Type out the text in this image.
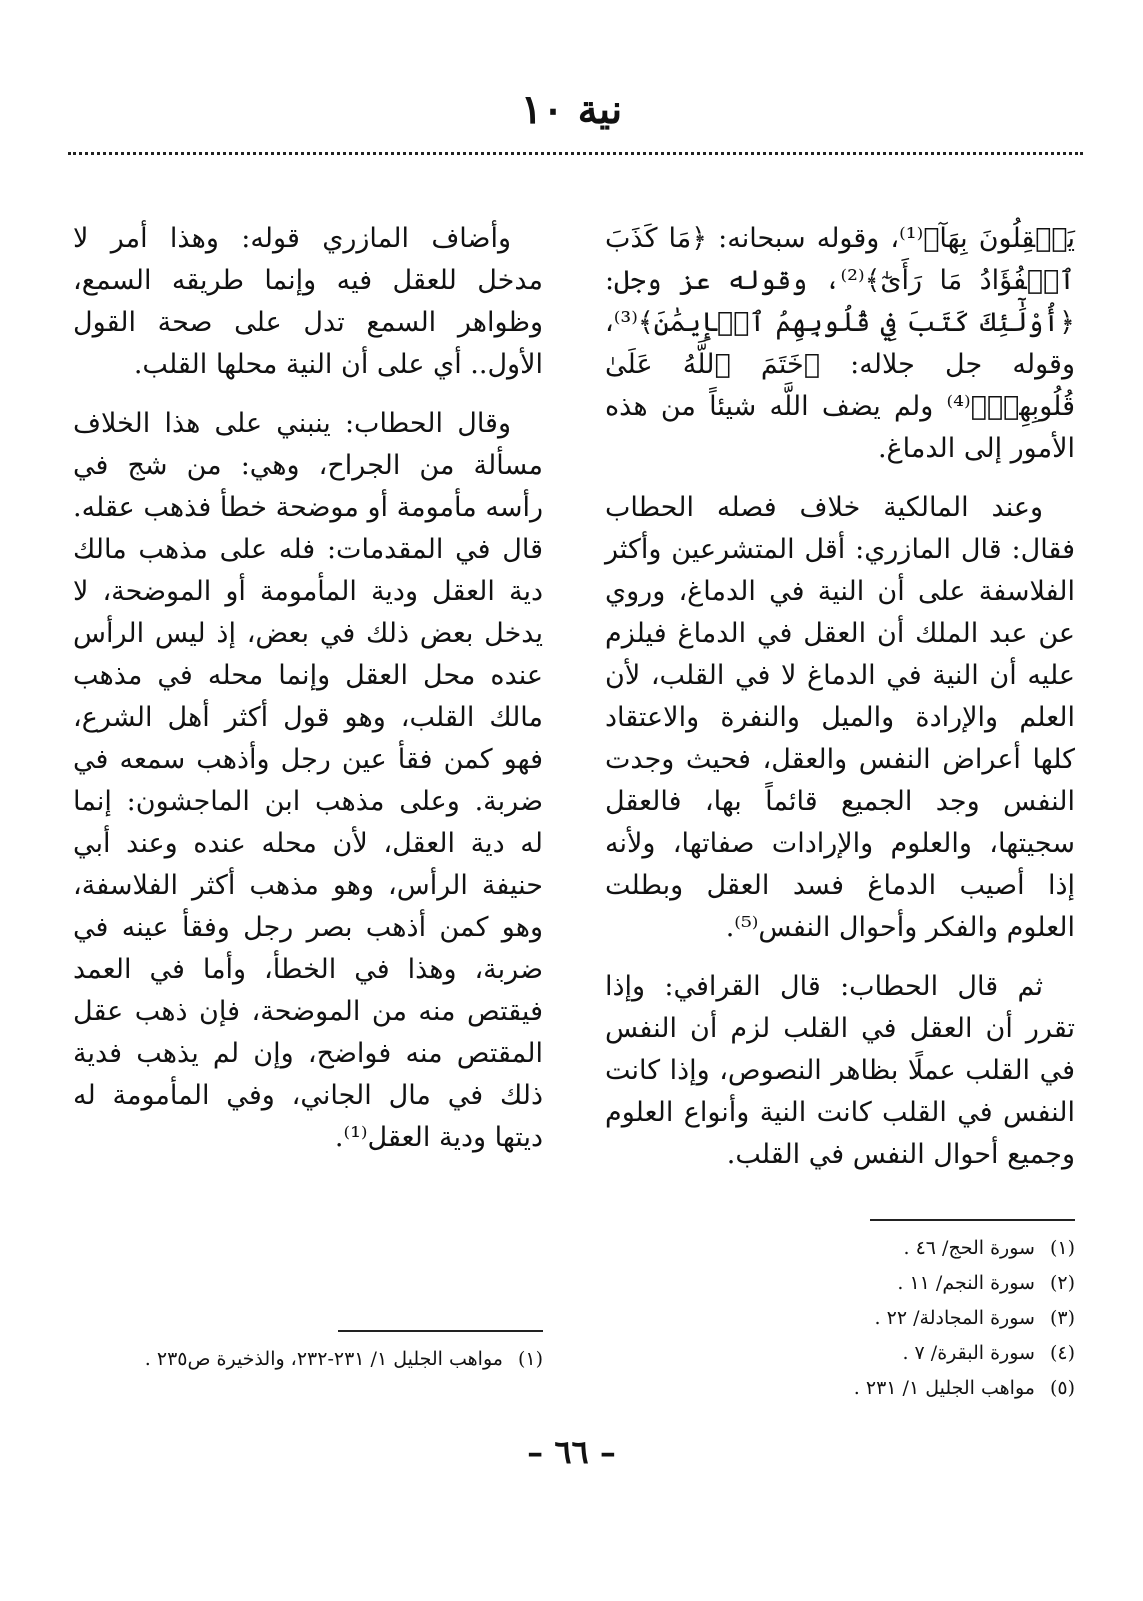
نية ١٠

يَعۡقِلُونَ بِهَآ﴾⁽¹⁾، وقوله سبحانه: ﴿مَا كَذَبَ ٱلۡفُؤَادُ مَا رَأَىٰٓ﴾⁽²⁾، وقوله عز وجل: ﴿أُوْلَٰٓئِكَ كَتَبَ فِي قُلُوبِهِمُ ٱلۡإِيمَٰنَ﴾⁽³⁾، وقوله جل جلاله: ﴿خَتَمَ ٱللَّهُ عَلَىٰ قُلُوبِهِمۡ﴾⁽⁴⁾ ولم يضف اللَّه شيئاً من هذه الأمور إلى الدماغ.

وعند المالكية خلاف فصله الحطاب فقال: قال المازري: أقل المتشرعين وأكثر الفلاسفة على أن النية في الدماغ، وروي عن عبد الملك أن العقل في الدماغ فيلزم عليه أن النية في الدماغ لا في القلب، لأن العلم والإرادة والميل والنفرة والاعتقاد كلها أعراض النفس والعقل، فحيث وجدت النفس وجد الجميع قائماً بها، فالعقل سجيتها، والعلوم والإرادات صفاتها، ولأنه إذا أصيب الدماغ فسد العقل وبطلت العلوم والفكر وأحوال النفس⁽⁵⁾.

ثم قال الحطاب: قال القرافي: وإذا تقرر أن العقل في القلب لزم أن النفس في القلب عملًا بظاهر النصوص، وإذا كانت النفس في القلب كانت النية وأنواع العلوم وجميع أحوال النفس في القلب.

وأضاف المازري قوله: وهذا أمر لا مدخل للعقل فيه وإنما طريقه السمع، وظواهر السمع تدل على صحة القول الأول.. أي على أن النية محلها القلب.

وقال الحطاب: ينبني على هذا الخلاف مسألة من الجراح، وهي: من شج في رأسه مأمومة أو موضحة خطأ فذهب عقله. قال في المقدمات: فله على مذهب مالك دية العقل ودية المأمومة أو الموضحة، لا يدخل بعض ذلك في بعض، إذ ليس الرأس عنده محل العقل وإنما محله في مذهب مالك القلب، وهو قول أكثر أهل الشرع، فهو كمن فقأ عين رجل وأذهب سمعه في ضربة. وعلى مذهب ابن الماجشون: إنما له دية العقل، لأن محله عنده وعند أبي حنيفة الرأس، وهو مذهب أكثر الفلاسفة، وهو كمن أذهب بصر رجل وفقأ عينه في ضربة، وهذا في الخطأ، وأما في العمد فيقتص منه من الموضحة، فإن ذهب عقل المقتص منه فواضح، وإن لم يذهب فدية ذلك في مال الجاني، وفي المأمومة له ديتها ودية العقل⁽¹⁾.

(١) سورة الحج/ ٤٦ .
(٢) سورة النجم/ ١١ .
(٣) سورة المجادلة/ ٢٢ .
(٤) سورة البقرة/ ٧ .
(٥) مواهب الجليل ١/ ٢٣١ .
(١) مواهب الجليل ١/ ٢٣١-٢٣٢، والذخيرة ص٢٣٥ .
– ٦٦ –
